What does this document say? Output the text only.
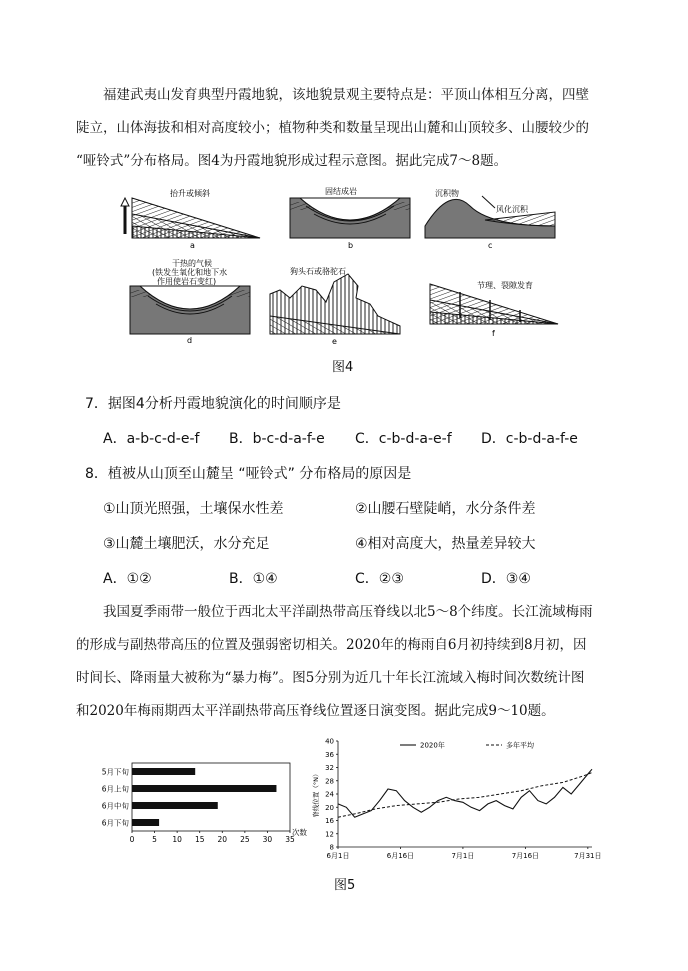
福建武夷山发育典型丹霞地貌，该地貌景观主要特点是：平顶山体相互分离，四壁
陡立，山体海拔和相对高度较小；植物种类和数量呈现出山麓和山顶较多、山腰较少的
“哑铃式”分布格局。图4为丹霞地貌形成过程示意图。据此完成7～8题。
抬升或倾斜
a
固结成岩
b
沉积物
风化沉积
c
干热的气候
(铁发生氧化和地下水
作用使岩石变红)
d
狗头石或骆驼石
e
节理、裂隙发育
f
图4
7．据图4分析丹霞地貌演化的时间顺序是
A．a-b-c-d-e-f B．b-c-d-a-f-e C．c-b-d-a-e-f D．c-b-d-a-f-e
8．植被从山顶至山麓呈 “哑铃式” 分布格局的原因是
①山顶光照强，土壤保水性差	②山腰石壁陡峭，水分条件差
③山麓土壤肥沃，水分充足	④相对高度大，热量差异较大
A．①②	B．①④	C．②③	D．③④
我国夏季雨带一般位于西北太平洋副热带高压脊线以北5～8个纬度。长江流域梅雨
的形成与副热带高压的位置及强弱密切相关。2020年的梅雨自6月初持续到8月初，因
时间长、降雨量大被称为“暴力梅”。图5分别为近几十年长江流域入梅时间次数统计图
和2020年梅雨期西太平洋副热带高压脊线位置逐日演变图。据此完成9～10题。
5月下旬
6月上旬
6月中旬
6月下旬
0 5 10 15 20 25 30 35
次数
8
12
16
20
24
28
32
36
40
6月1日	6月16日	7月1日	7月16日	7月31日
脊线位置（°N）
2020年	多年平均
图5
